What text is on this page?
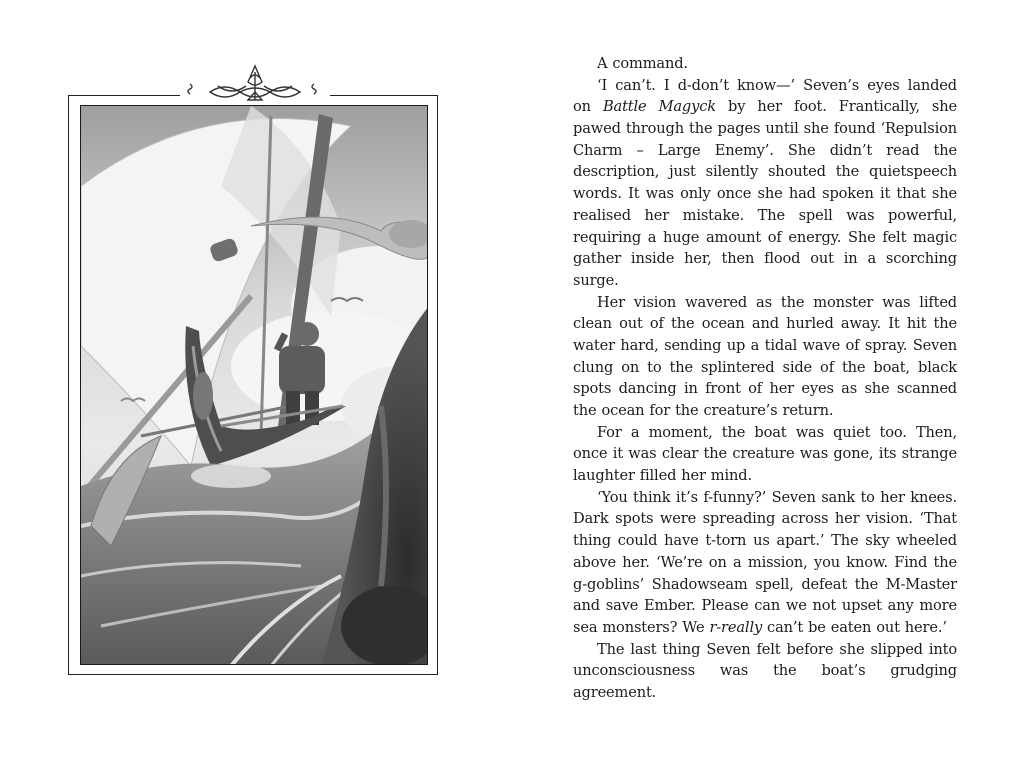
A command.

‘I can’t. I d-don’t know—’ Seven’s eyes landed on Battle Magyck by her foot. Frantically, she pawed through the pages until she found ‘Repulsion Charm – Large Enemy’. She didn’t read the description, just silently shouted the quietspeech words. It was only once she had spoken it that she realised her mistake. The spell was powerful, requiring a huge amount of energy. She felt magic gather inside her, then flood out in a scorching surge.

Her vision wavered as the monster was lifted clean out of the ocean and hurled away. It hit the water hard, sending up a tidal wave of spray. Seven clung on to the splintered side of the boat, black spots dancing in front of her eyes as she scanned the ocean for the creature’s return.

For a moment, the boat was quiet too. Then, once it was clear the creature was gone, its strange laughter filled her mind.

‘You think it’s f-funny?’ Seven sank to her knees. Dark spots were spreading across her vision. ‘That thing could have t-torn us apart.’ The sky wheeled above her. ‘We’re on a mission, you know. Find the g-goblins’ Shadowseam spell, defeat the M-Master and save Ember. Please can we not upset any more sea monsters? We r-really can’t be eaten out here.’

The last thing Seven felt before she slipped into unconsciousness was the boat’s grudging agreement.
